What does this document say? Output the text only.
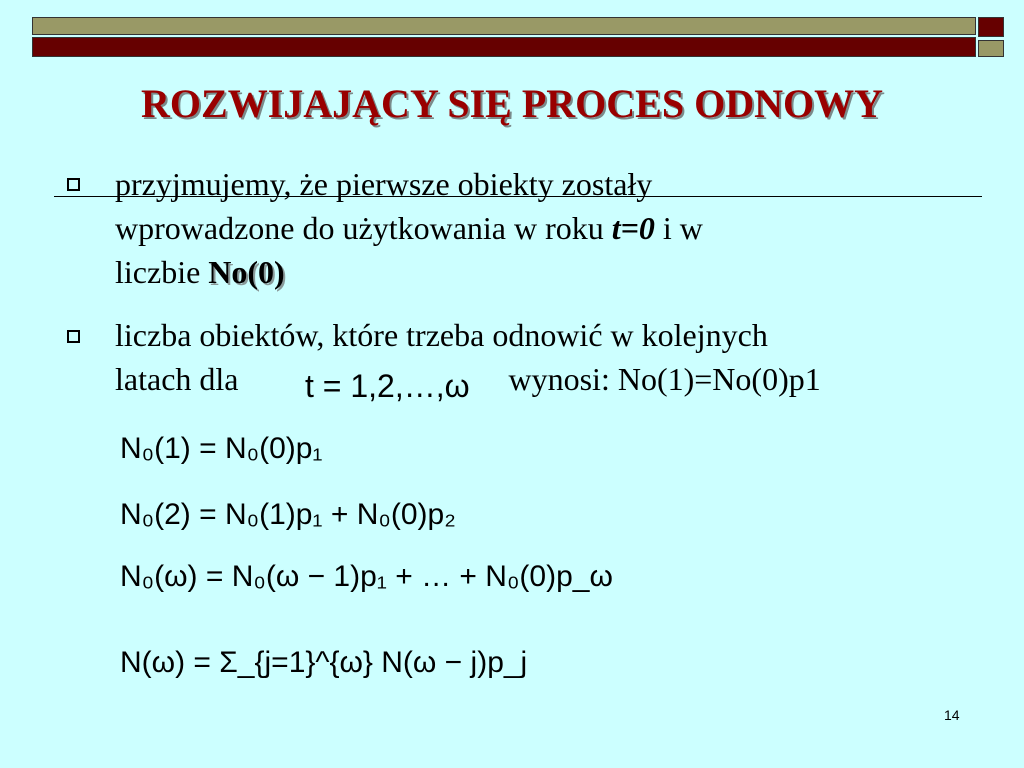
ROZWIJAJĄCY SIĘ PROCES ODNOWY
przyjmujemy, że pierwsze obiekty zostały
wprowadzone do użytkowania w roku t=0 i w
liczbie No(0)
liczba obiektów, które trzeba odnowić w kolejnych
latach dla	wynosi: No(1)=No(0)p1
t = 1,2,…,ω
N₀(1) = N₀(0)p₁
N₀(2) = N₀(1)p₁ + N₀(0)p₂
N₀(ω) = N₀(ω − 1)p₁ + … + N₀(0)p_ω
N(ω) = Σ_{j=1}^{ω} N(ω − j)p_j
14
